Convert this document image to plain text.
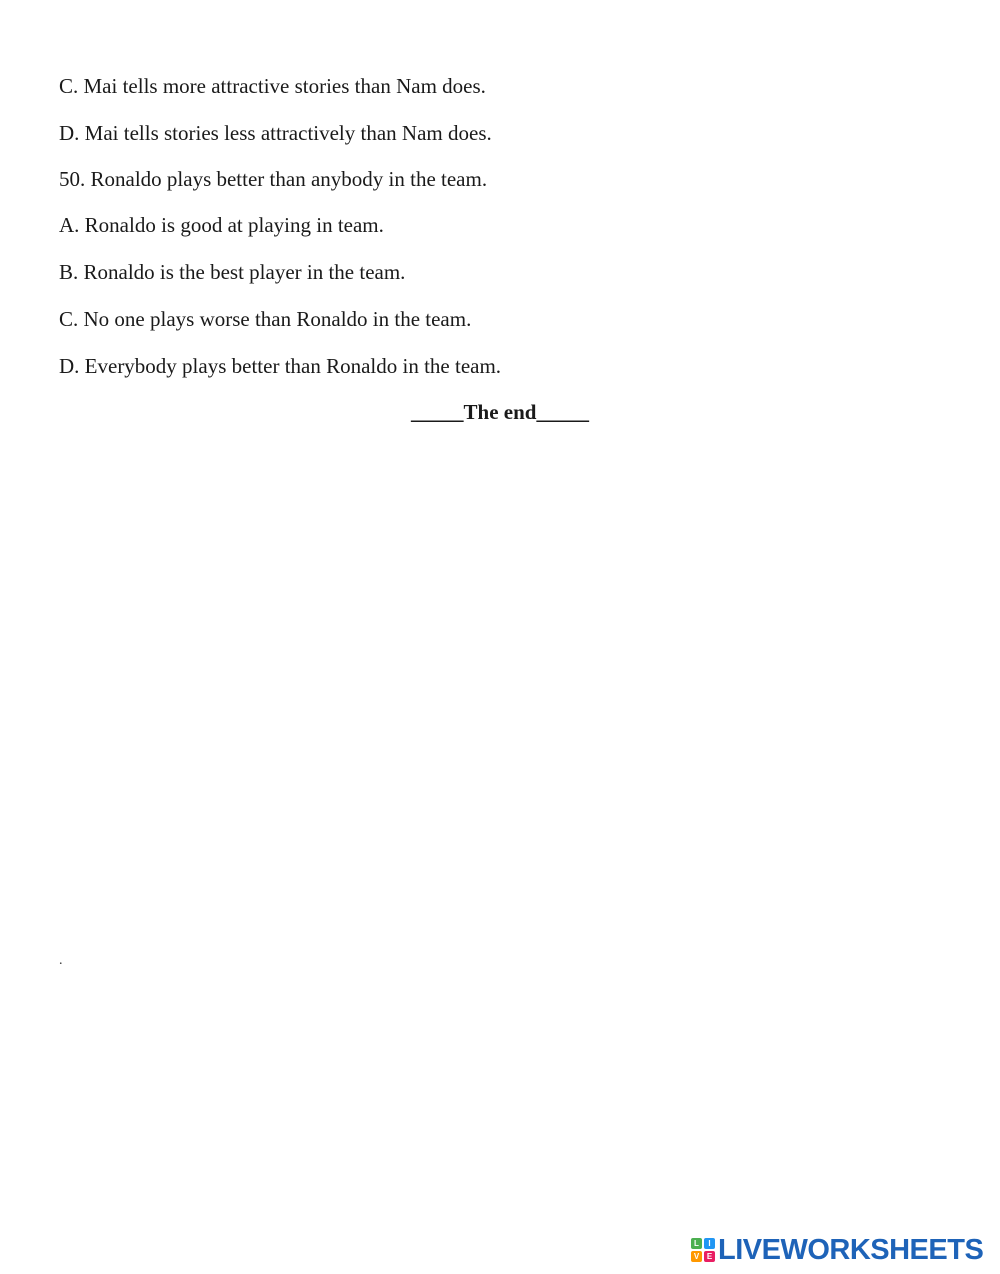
C. Mai tells more attractive stories than Nam does.
D. Mai tells stories less attractively than Nam does.
50. Ronaldo plays better than anybody in the team.
A. Ronaldo is good at playing in team.
B. Ronaldo is the best player in the team.
C. No one plays worse than Ronaldo in the team.
D. Everybody plays better than Ronaldo in the team.
_____The end_____
.
L	I
V E LIVEWORKSHEETS
